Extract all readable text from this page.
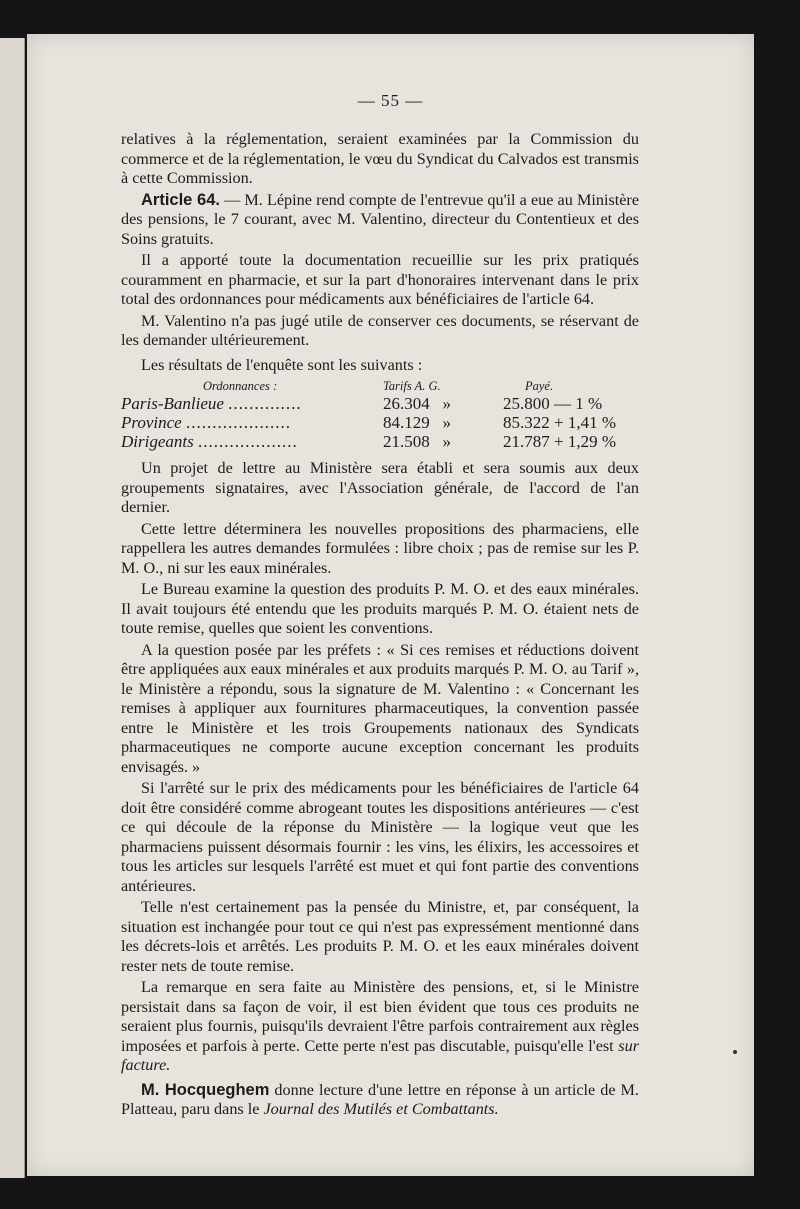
— 55 —

relatives à la réglementation, seraient examinées par la Commission du commerce et de la réglementation, le vœu du Syndicat du Calvados est transmis à cette Commission.

Article 64. — M. Lépine rend compte de l'entrevue qu'il a eue au Ministère des pensions, le 7 courant, avec M. Valentino, directeur du Contentieux et des Soins gratuits.

Il a apporté toute la documentation recueillie sur les prix pratiqués couramment en pharmacie, et sur la part d'honoraires intervenant dans le prix total des ordonnances pour médicaments aux bénéficiaires de l'article 64.

M. Valentino n'a pas jugé utile de conserver ces documents, se réservant de les demander ultérieurement.

Les résultats de l'enquête sont les suivants :

Ordonnances :	Tarifs A. G.	Payé.
Paris-Banlieue ..............	26.304 »	25.800 — 1 %
Province ....................	84.129 »	85.322 + 1,41 %
Dirigeants ...................	21.508 »	21.787 + 1,29 %

Un projet de lettre au Ministère sera établi et sera soumis aux deux groupements signataires, avec l'Association générale, de l'accord de l'an dernier.

Cette lettre déterminera les nouvelles propositions des pharmaciens, elle rappellera les autres demandes formulées : libre choix ; pas de remise sur les P. M. O., ni sur les eaux minérales.

Le Bureau examine la question des produits P. M. O. et des eaux minérales. Il avait toujours été entendu que les produits marqués P. M. O. étaient nets de toute remise, quelles que soient les conventions.

A la question posée par les préfets : « Si ces remises et réductions doivent être appliquées aux eaux minérales et aux produits marqués P. M. O. au Tarif », le Ministère a répondu, sous la signature de M. Valentino : « Concernant les remises à appliquer aux fournitures pharmaceutiques, la convention passée entre le Ministère et les trois Groupements nationaux des Syndicats pharmaceutiques ne comporte aucune exception concernant les produits envisagés. »

Si l'arrêté sur le prix des médicaments pour les bénéficiaires de l'article 64 doit être considéré comme abrogeant toutes les dispositions antérieures — c'est ce qui découle de la réponse du Ministère — la logique veut que les pharmaciens puissent désormais fournir : les vins, les élixirs, les accessoires et tous les articles sur lesquels l'arrêté est muet et qui font partie des conventions antérieures.

Telle n'est certainement pas la pensée du Ministre, et, par conséquent, la situation est inchangée pour tout ce qui n'est pas expressément mentionné dans les décrets-lois et arrêtés. Les produits P. M. O. et les eaux minérales doivent rester nets de toute remise.

La remarque en sera faite au Ministère des pensions, et, si le Ministre persistait dans sa façon de voir, il est bien évident que tous ces produits ne seraient plus fournis, puisqu'ils devraient l'être parfois contrairement aux règles imposées et parfois à perte. Cette perte n'est pas discutable, puisqu'elle l'est sur facture.

M. Hocqueghem donne lecture d'une lettre en réponse à un article de M. Platteau, paru dans le Journal des Mutilés et Combattants.
